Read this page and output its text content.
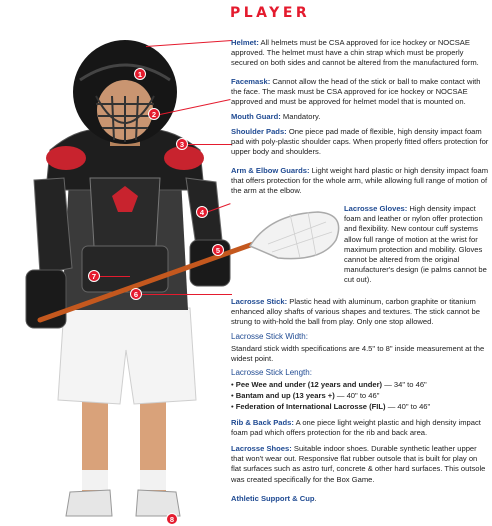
1
2
3
4
5
6
7
8
PLAYER
Helmet: All helmets must be CSA approved for ice hockey or NOCSAE approved. The helmet must have a chin strap which must be properly secured on both sides and cannot be altered from the manufactured form.
Facemask: Cannot allow the head of the stick or ball to make contact with the face. The mask must be CSA approved for ice hockey or NOCSAE approved and must be approved for helmet model that is mounted on.
Mouth Guard: Mandatory.
Shoulder Pads: One piece pad made of flexible, high density impact foam pad with poly-plastic shoulder caps. When properly fitted offers protection for upper body and shoulders.
Arm & Elbow Guards: Light weight hard plastic or high density impact foam that offers protection for the whole arm, while allowing full range of motion of the arm at the elbow.
Lacrosse Gloves: High density impact foam and leather or nylon offer protection and flexibility. New contour cuff systems allow full range of motion at the wrist for maximum protection and mobility. Gloves cannot be altered from the original manufacturer's design (ie palms cannot be cut out).
Lacrosse Stick: Plastic head with aluminum, carbon graphite or titanium enhanced alloy shafts of various shapes and textures. The stick cannot be strung to with-hold the ball from play. Only one stop allowed.
Lacrosse Stick Width:
Standard stick width specifications are 4.5" to 8" inside measurement at the widest point.
Lacrosse Stick Length:
• Pee Wee and under (12 years and under) — 34" to 46"
• Bantam and up (13 years +) — 40" to 46"
• Federation of International Lacrosse (FIL) — 40" to 46"
Rib & Back Pads: A one piece light weight plastic and high density impact foam pad which offers protection for the rib and back area.
Lacrosse Shoes: Suitable indoor shoes. Durable synthetic leather upper that won't wear out. Responsive flat rubber outsole that is built for play on flat surfaces such as astro turf, concrete & other hard surfaces. This outsole was created specifically for the Box Game.
Athletic Support & Cup.
